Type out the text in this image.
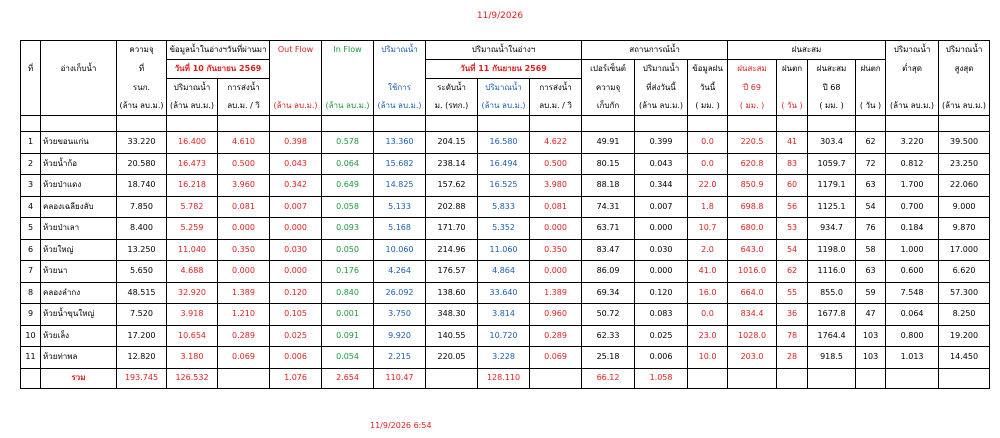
11/9/2026
		ความจุ	ข้อมูลน้ำในอ่างฯวันที่ผ่านมา		Out Flow	In Flow	ปริมาณน้ำ	ปริมาณน้ำในอ่างฯ			สถานการณ์น้ำ			ฝนสะสม				ปริมาณน้ำ	ปริมาณน้ำ
ที่	อ่างเก็บน้ำ	ที่	วันที่ 10 กันยายน 2569					วันที่ 11 กันยายน 2569			เปอร์เซ็นต์	ปริมาณน้ำ	ข้อมูลฝน	ฝนสะสม	ฝนตก	ฝนสะสม	ฝนตก	ต่ำสุด	สูงสุด
		รนก.	ปริมาณน้ำ	การส่งน้ำ			ใช้การ	ระดับน้ำ	ปริมาณน้ำ	การส่งน้ำ	ความจุ	ที่ส่งวันนี้	วันนี้	ปี 69		ปี 68			
		(ล้าน ลบ.ม.)	(ล้าน ลบ.ม.)	ลบ.ม. / วิ	(ล้าน ลบ.ม.)	(ล้าน ลบ.ม.)	(ล้าน ลบ.ม.)	ม. (รทก.)	(ล้าน ลบ.ม.)	ลบ.ม. / วิ	เก็บกัก	(ล้าน ลบ.ม.)	( มม. )	( มม. )	( วัน )	( มม. )	( วัน )	(ล้าน ลบ.ม.)	(ล้าน ลบ.ม.)

1	ห้วยขอนแก่น	33.220	16.400	4.610	0.398	0.578	13.360	204.15	16.580	4.622	49.91	0.399	0.0	220.5	41	303.4	62	3.220	39.500
2	ห้วยน้ำก้อ	20.580	16.473	0.500	0.043	0.064	15.682	238.14	16.494	0.500	80.15	0.043	0.0	620.8	83	1059.7	72	0.812	23.250
3	ห้วยป่าแดง	18.740	16.218	3.960	0.342	0.649	14.825	157.62	16.525	3.980	88.18	0.344	22.0	850.9	60	1179.1	63	1.700	22.060
4	คลองเฉลียงลับ	7.850	5.782	0.081	0.007	0.058	5.133	202.88	5.833	0.081	74.31	0.007	1.8	698.8	56	1125.1	54	0.700	9.000
5	ห้วยป่าเลา	8.400	5.259	0.000	0.000	0.093	5.168	171.70	5.352	0.000	63.71	0.000	10.7	680.0	53	934.7	76	0.184	9.870
6	ห้วยใหญ่	13.250	11.040	0.350	0.030	0.050	10.060	214.96	11.060	0.350	83.47	0.030	2.0	643.0	54	1198.0	58	1.000	17.000
7	ห้วยนา	5.650	4.688	0.000	0.000	0.176	4.264	176.57	4.864	0.000	86.09	0.000	41.0	1016.0	62	1116.0	63	0.600	6.620
8	คลองลำกง	48.515	32.920	1.389	0.120	0.840	26.092	138.60	33.640	1.389	69.34	0.120	16.0	664.0	55	855.0	59	7.548	57.300
9	ห้วยน้ำขุนใหญ่	7.520	3.918	1.210	0.105	0.001	3.750	348.30	3.814	0.960	50.72	0.083	0.0	834.4	36	1677.8	47	0.064	8.250
10	ห้วยเล็ง	17.200	10.654	0.289	0.025	0.091	9.920	140.55	10.720	0.289	62.33	0.025	23.0	1028.0	78	1764.4	103	0.800	19.200
11	ห้วยท่าพล	12.820	3.180	0.069	0.006	0.054	2.215	220.05	3.228	0.069	25.18	0.006	10.0	203.0	28	918.5	103	1.013	14.450
	รวม	193.745	126.532		1.076	2.654	110.47		128.110		66.12	1.058							
11/9/2026 6:54
